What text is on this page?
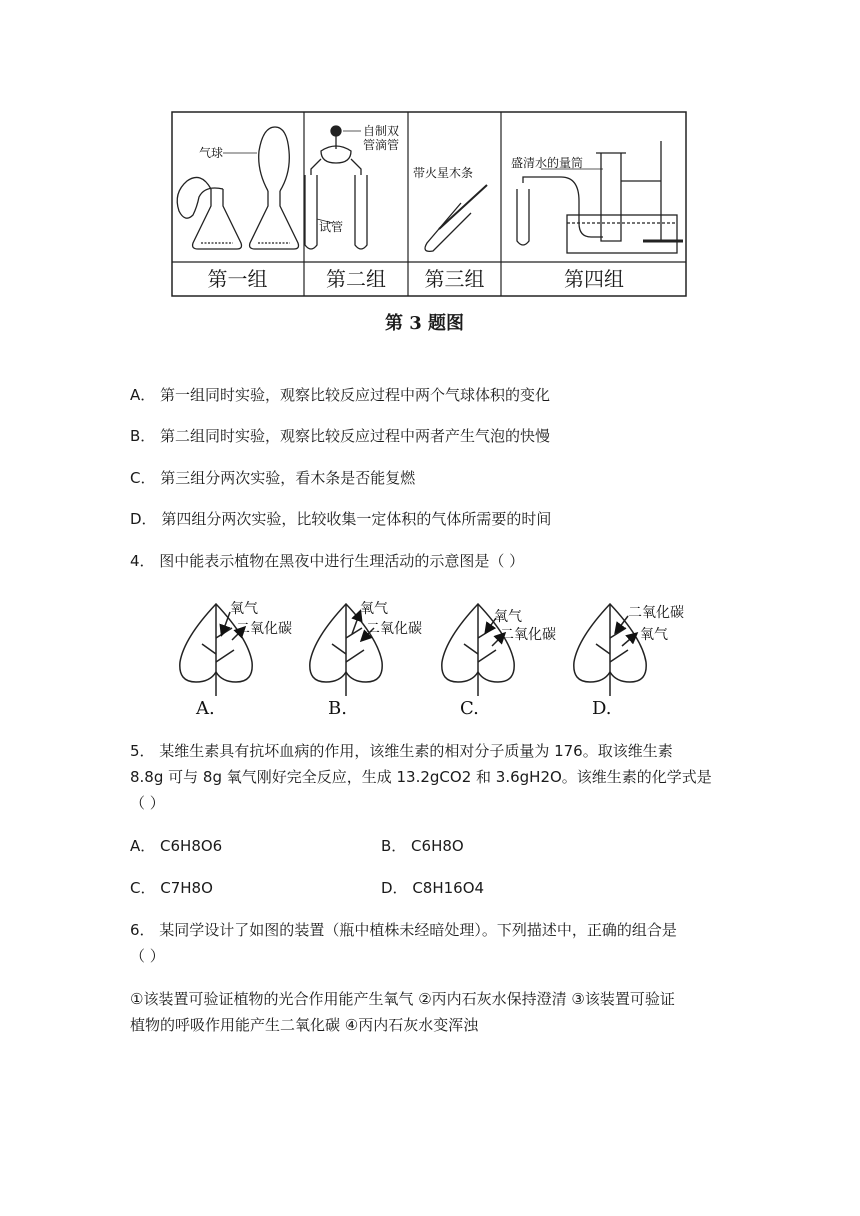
气球
自制双
管滴管
试管
带火星木条
盛清水的量筒
第一组	第二组	第三组	第四组
第 3 题图
A． 第一组同时实验，观察比较反应过程中两个气球体积的变化
B． 第二组同时实验，观察比较反应过程中两者产生气泡的快慢
C． 第三组分两次实验，看木条是否能复燃
D． 第四组分两次实验，比较收集一定体积的气体所需要的时间
4． 图中能表示植物在黑夜中进行生理活动的示意图是（ ）
氧气
二氧化碳
氧气
二氧化碳
氧气
二氧化碳
二氧化碳
氧气
A.	B.	C.	D.
5． 某维生素具有抗坏血病的作用，该维生素的相对分子质量为 176。取该维生素
8.8g 可与 8g 氧气刚好完全反应，生成 13.2gCO2 和 3.6gH2O。该维生素的化学式是
（ ）
A． C6H8O6	B． C6H8O
C． C7H8O	D． C8H16O4
6． 某同学设计了如图的装置（瓶中植株未经暗处理）。下列描述中，正确的组合是
（ ）
①该装置可验证植物的光合作用能产生氧气 ②丙内石灰水保持澄清 ③该装置可验证
植物的呼吸作用能产生二氧化碳 ④丙内石灰水变浑浊
